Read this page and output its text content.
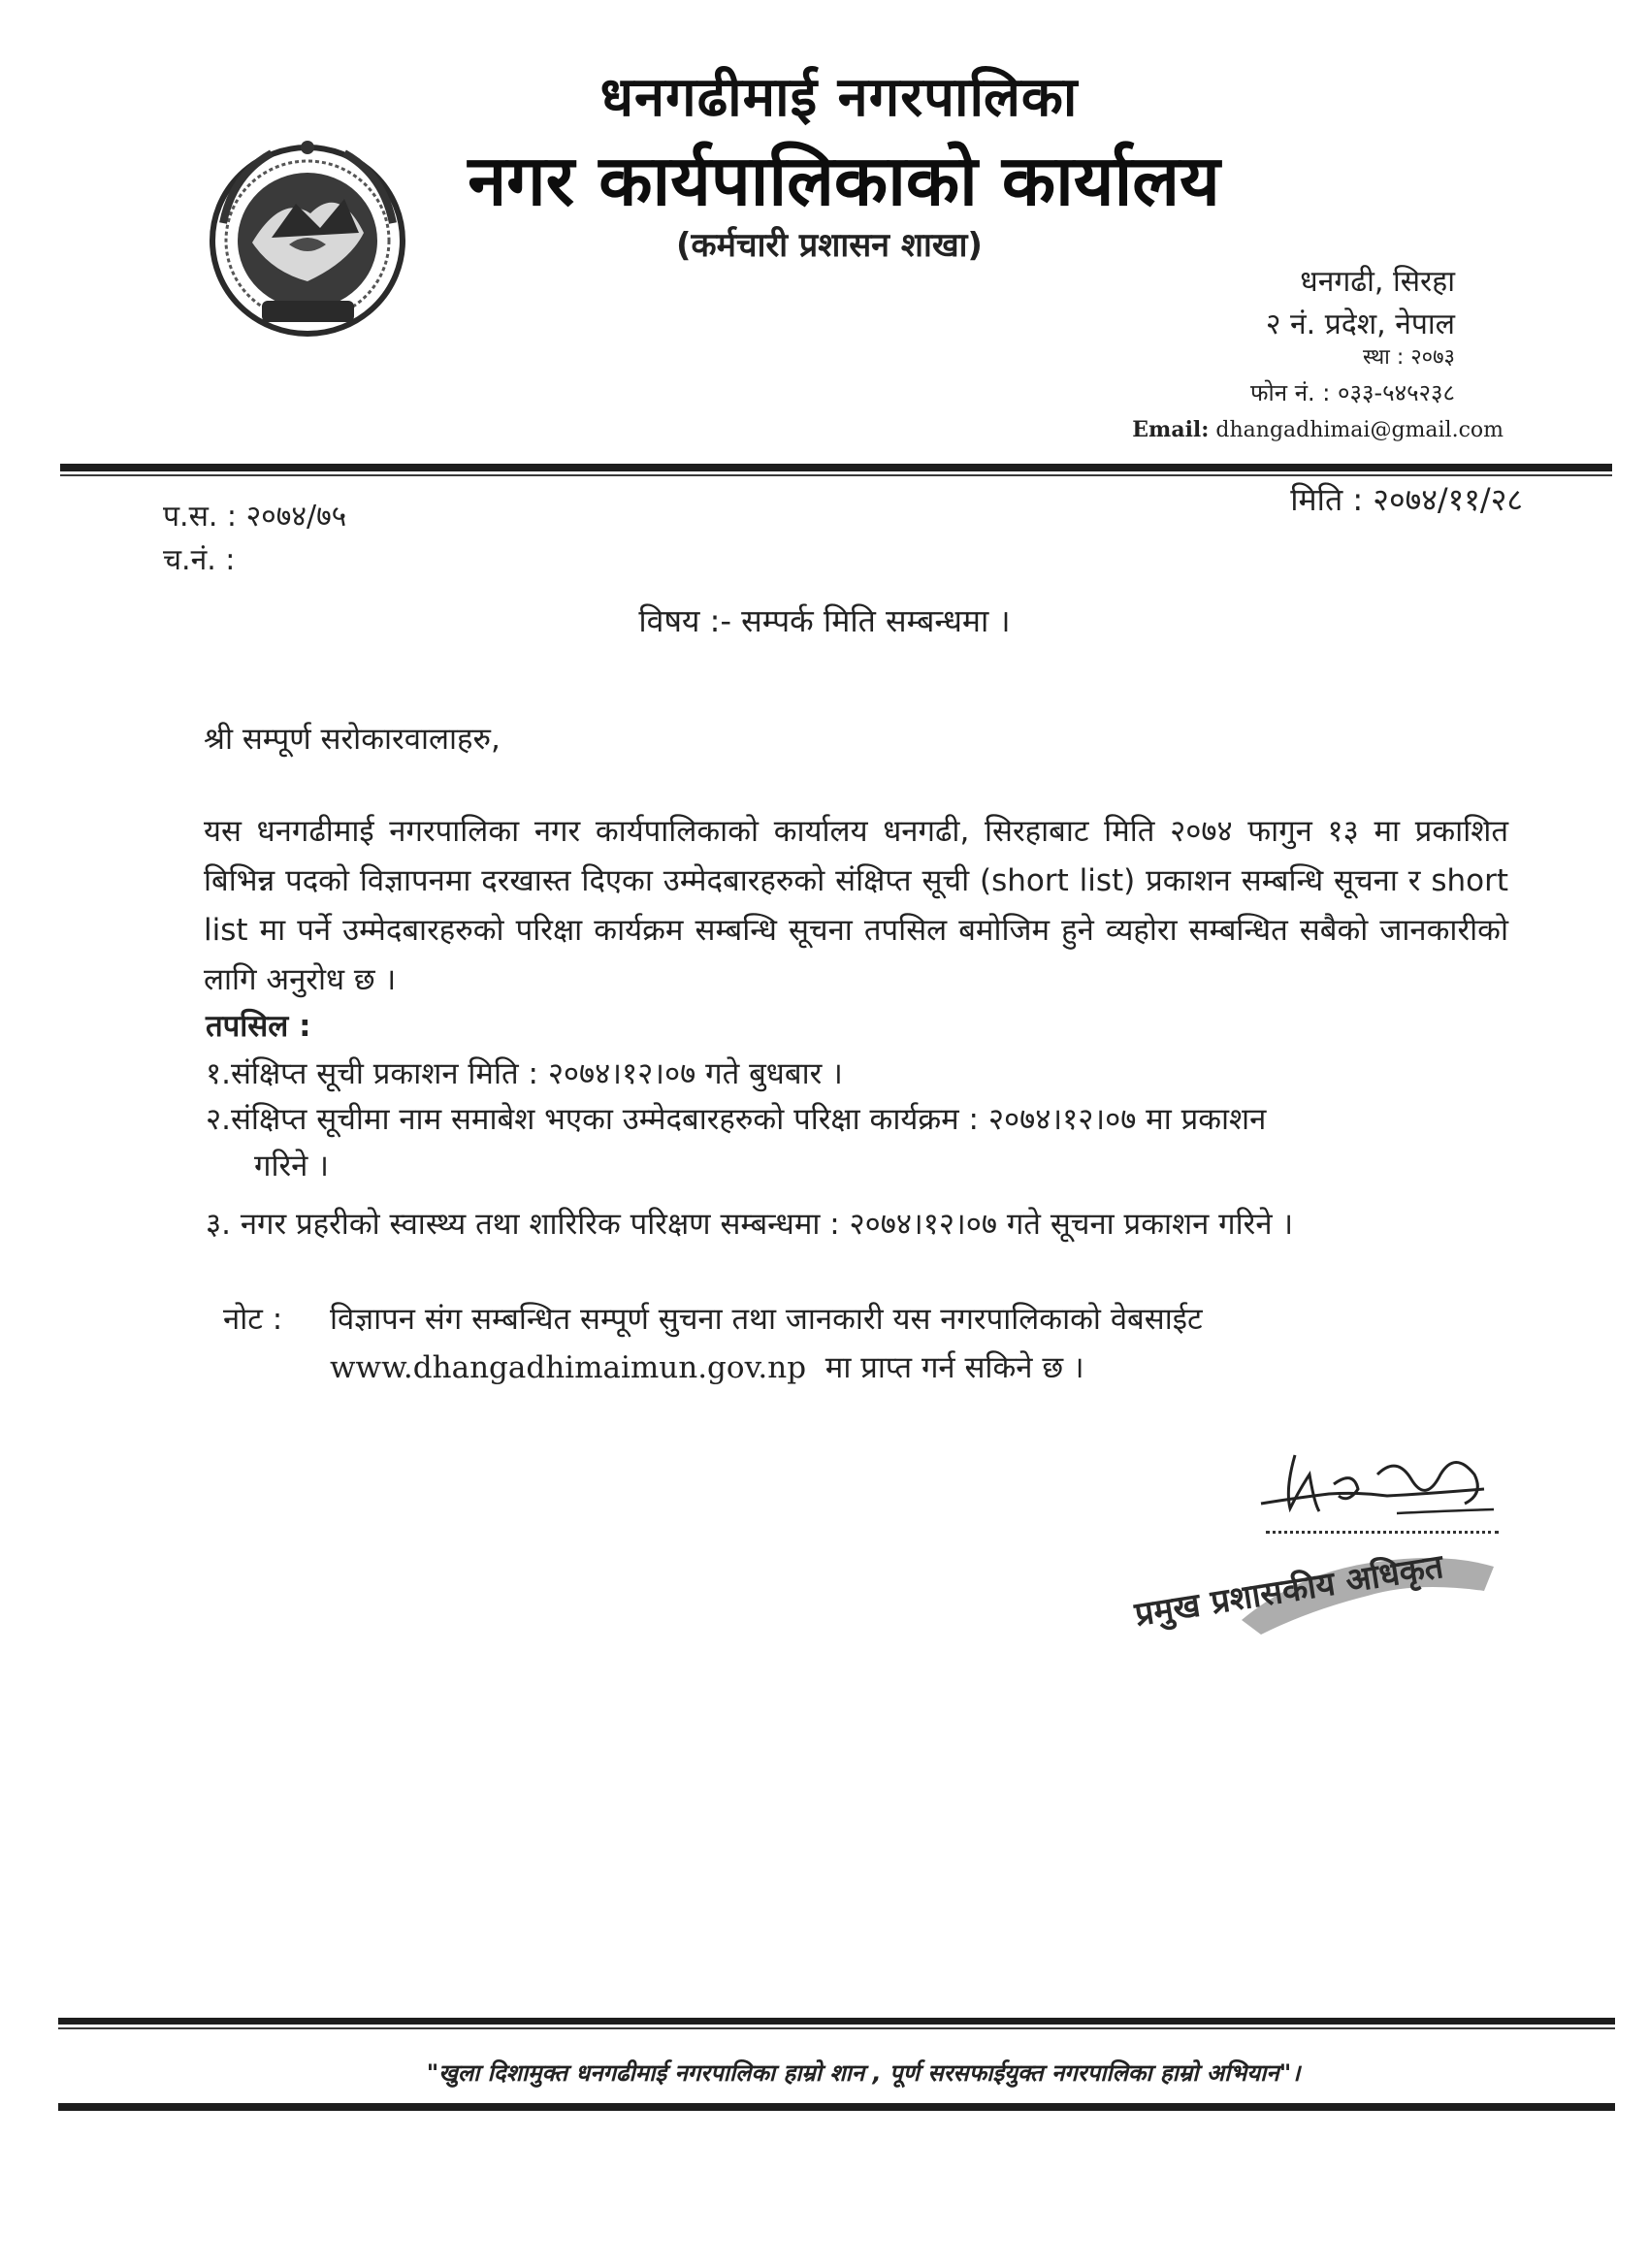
धनगढीमाई नगरपालिका
नगर कार्यपालिकाको कार्यालय
(कर्मचारी प्रशासन शाखा)
धनगढी, सिरहा
२ नं. प्रदेश, नेपाल
स्था : २०७३
फोन नं. : ०३३-५४५२३८
Email: dhangadhimai@gmail.com
प.स. : २०७४/७५
च.नं. :
मिति : २०७४/११/२८
विषय :- सम्पर्क मिति सम्बन्धमा ।
श्री सम्पूर्ण सरोकारवालाहरु,
यस धनगढीमाई नगरपालिका नगर कार्यपालिकाको कार्यालय धनगढी, सिरहाबाट मिति २०७४ फागुन १३ मा प्रकाशित बिभिन्न पदको विज्ञापनमा दरखास्त दिएका उम्मेदबारहरुको संक्षिप्त सूची (short list) प्रकाशन सम्बन्धि सूचना र short list मा पर्ने उम्मेदबारहरुको परिक्षा कार्यक्रम सम्बन्धि सूचना तपसिल बमोजिम हुने व्यहोरा सम्बन्धित सबैको जानकारीको लागि अनुरोध छ ।
तपसिल :
१.संक्षिप्त सूची प्रकाशन मिति : २०७४।१२।०७ गते बुधबार ।
२.संक्षिप्त सूचीमा नाम समाबेश भएका उम्मेदबारहरुको परिक्षा कार्यक्रम : २०७४।१२।०७ मा प्रकाशन
गरिने ।
३. नगर प्रहरीको स्वास्थ्य तथा शारिरिक परिक्षण सम्बन्धमा : २०७४।१२।०७ गते सूचना प्रकाशन गरिने ।
नोट : विज्ञापन संग सम्बन्धित सम्पूर्ण सुचना तथा जानकारी यस नगरपालिकाको वेबसाईट
www.dhangadhimaimun.gov.np मा प्राप्त गर्न सकिने छ ।
प्रमुख प्रशासकीय अधिकृत
"खुला दिशामुक्त धनगढीमाई नगरपालिका हाम्रो शान , पूर्ण सरसफाईयुक्त नगरपालिका हाम्रो अभियान"।
